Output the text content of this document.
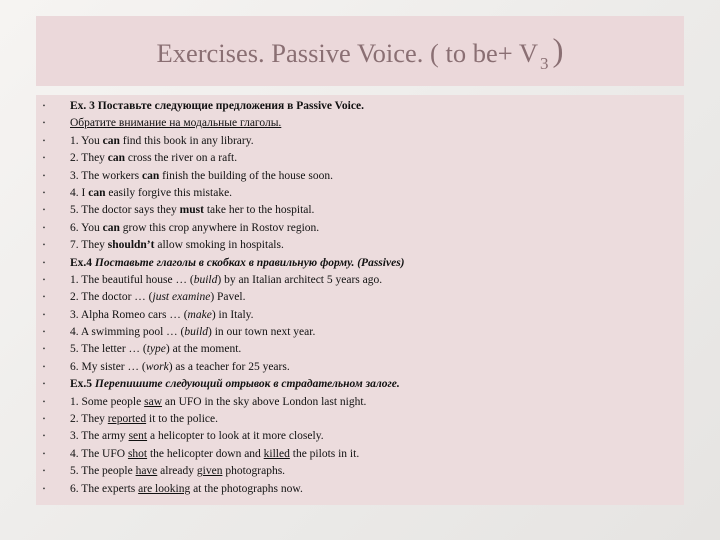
Exercises. Passive Voice. ( to be+ V $_3$ )
•	Ex. 3 Поставьте следующие предложения в Passive Voice.
•	Обратите внимание на модальные глаголы.
•	1. You can find this book in any library.
•	2. They can cross the river on a raft.
•	3. The workers can finish the building of the house soon.
•	4. I can easily forgive this mistake.
•	5. The doctor says they must take her to the hospital.
•	6. You can grow this crop anywhere in Rostov region.
•	7. They shouldn’t allow smoking in hospitals.
•	Ex.4 Поставьте глаголы в скобках в правильную форму. (Passives)
•	1. The beautiful house … (build) by an Italian architect 5 years ago.
•	2. The doctor … (just examine) Pavel.
•	3. Alpha Romeo cars … (make) in Italy.
•	4. A swimming pool … (build) in our town next year.
•	5. The letter … (type) at the moment.
•	6. My sister … (work) as a teacher for 25 years.
•	Ex.5 Перепишите следующий отрывок в страдательном залоге.
•	1. Some people saw an UFO in the sky above London last night.
•	2. They reported it to the police.
•	3. The army sent a helicopter to look at it more closely.
•	4. The UFO shot the helicopter down and killed the pilots in it.
•	5. The people have already given photographs.
•	6. The experts are looking at the photographs now.
